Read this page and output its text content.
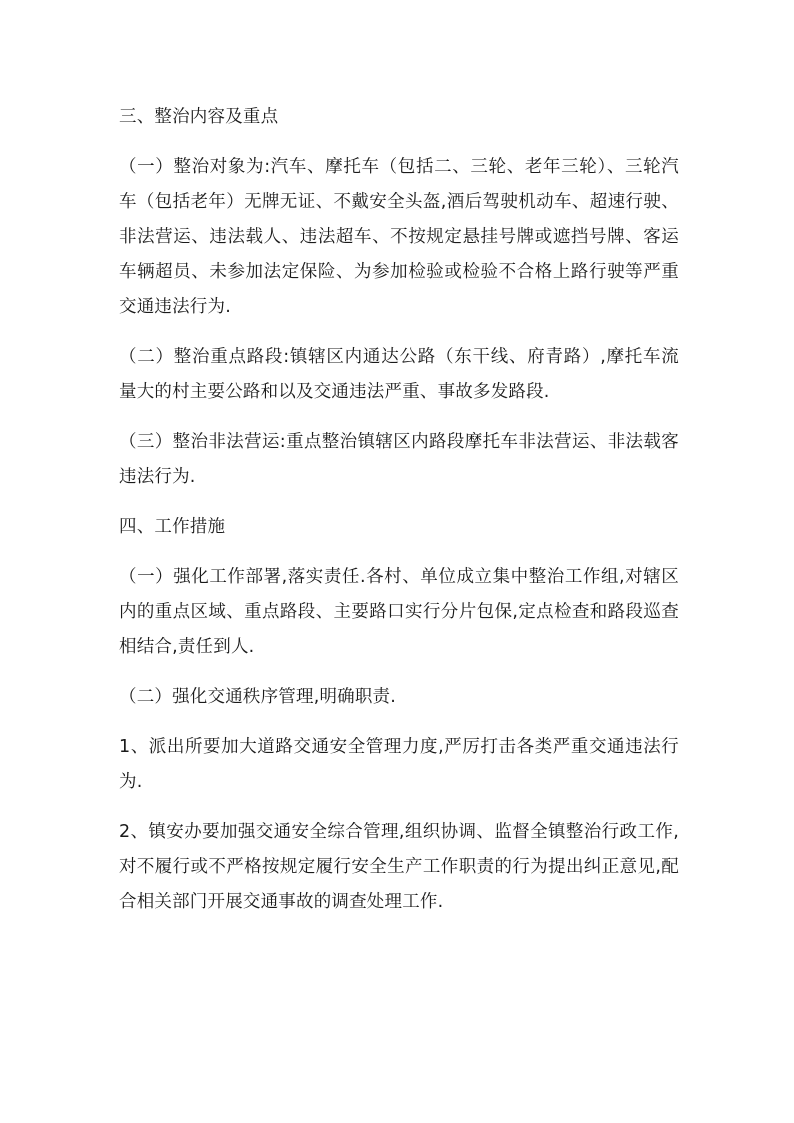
三、整治内容及重点

（一）整治对象为:汽车、摩托车（包括二、三轮、老年三轮）、三轮汽车（包括老年）无牌无证、不戴安全头盔,酒后驾驶机动车、超速行驶、非法营运、违法载人、违法超车、不按规定悬挂号牌或遮挡号牌、客运车辆超员、未参加法定保险、为参加检验或检验不合格上路行驶等严重交通违法行为.

（二）整治重点路段:镇辖区内通达公路（东干线、府青路）,摩托车流量大的村主要公路和以及交通违法严重、事故多发路段.

（三）整治非法营运:重点整治镇辖区内路段摩托车非法营运、非法载客违法行为.

四、工作措施

（一）强化工作部署,落实责任.各村、单位成立集中整治工作组,对辖区内的重点区域、重点路段、主要路口实行分片包保,定点检查和路段巡查相结合,责任到人.

（二）强化交通秩序管理,明确职责.

1、派出所要加大道路交通安全管理力度,严厉打击各类严重交通违法行为.

2、镇安办要加强交通安全综合管理,组织协调、监督全镇整治行政工作,对不履行或不严格按规定履行安全生产工作职责的行为提出纠正意见,配合相关部门开展交通事故的调查处理工作.
